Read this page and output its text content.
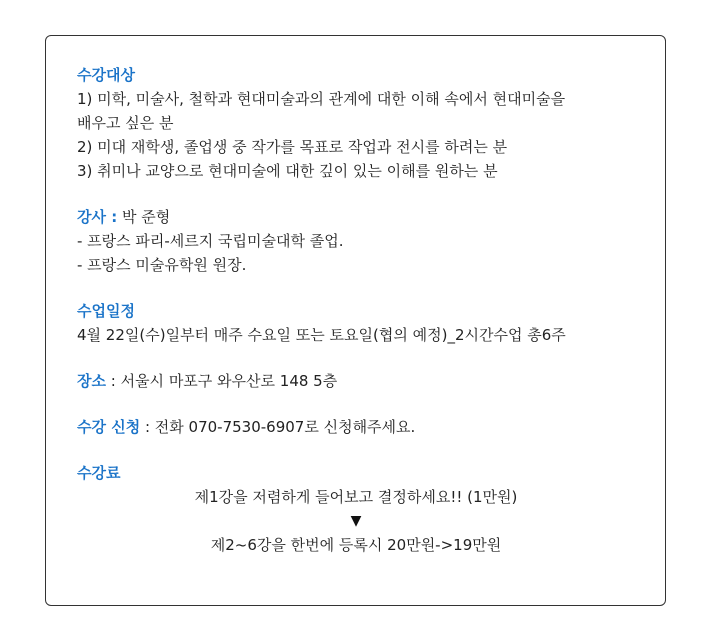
수강대상
1) 미학, 미술사, 철학과 현대미술과의 관계에 대한 이해 속에서 현대미술을
배우고 싶은 분
2) 미대 재학생, 졸업생 중 작가를 목표로 작업과 전시를 하려는 분
3) 취미나 교양으로 현대미술에 대한 깊이 있는 이해를 원하는 분
강사 : 박 준형
- 프랑스 파리-세르지 국립미술대학 졸업.
- 프랑스 미술유학원 원장.
수업일정
4월 22일(수)일부터 매주 수요일 또는 토요일(협의 예정)_2시간수업 총6주
장소 : 서울시 마포구 와우산로 148 5층
수강 신청 : 전화 070-7530-6907로 신청해주세요.
수강료
제1강을 저렴하게 들어보고 결정하세요!! (1만원)
▼
제2~6강을 한번에 등록시 20만원->19만원
